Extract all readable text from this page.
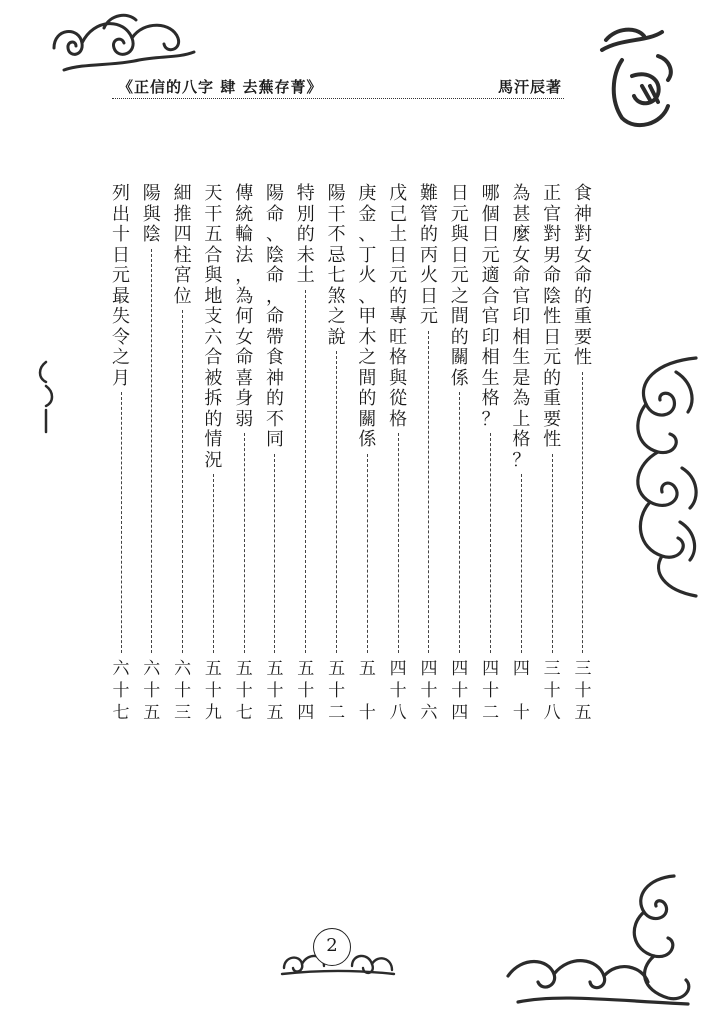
《正信的八字 肆 去蕪存菁》	馬汗辰著
食
神
對
女
命
的
重
要
性
三
十
五
正
官
對
男
命
陰
性
日
元
的
重
要
性
三
十
八
為
甚
麼
女
命
官
印
相
生
是
為
上
格
？
四

十
哪
個
日
元
適
合
官
印
相
生
格
？
四
十
二
日
元
與
日
元
之
間
的
關
係
四
十
四
難
管
的
丙
火
日
元
四
十
六
戊
己
土
日
元
的
專
旺
格
與
從
格
四
十
八
庚
金
、
丁
火
、
甲
木
之
間
的
關
係
五

十
陽
干
不
忌
七
煞
之
說
五
十
二
特
別
的
未
土
五
十
四
陽
命
、
陰
命
，
命
帶
食
神
的
不
同
五
十
五
傳
統
輪
法
，
為
何
女
命
喜
身
弱
五
十
七
天
干
五
合
與
地
支
六
合
被
拆
的
情
況
五
十
九
細
推
四
柱
宮
位
六
十
三
陽
與
陰
六
十
五
列
出
十
日
元
最
失
令
之
月
六
十
七
2
